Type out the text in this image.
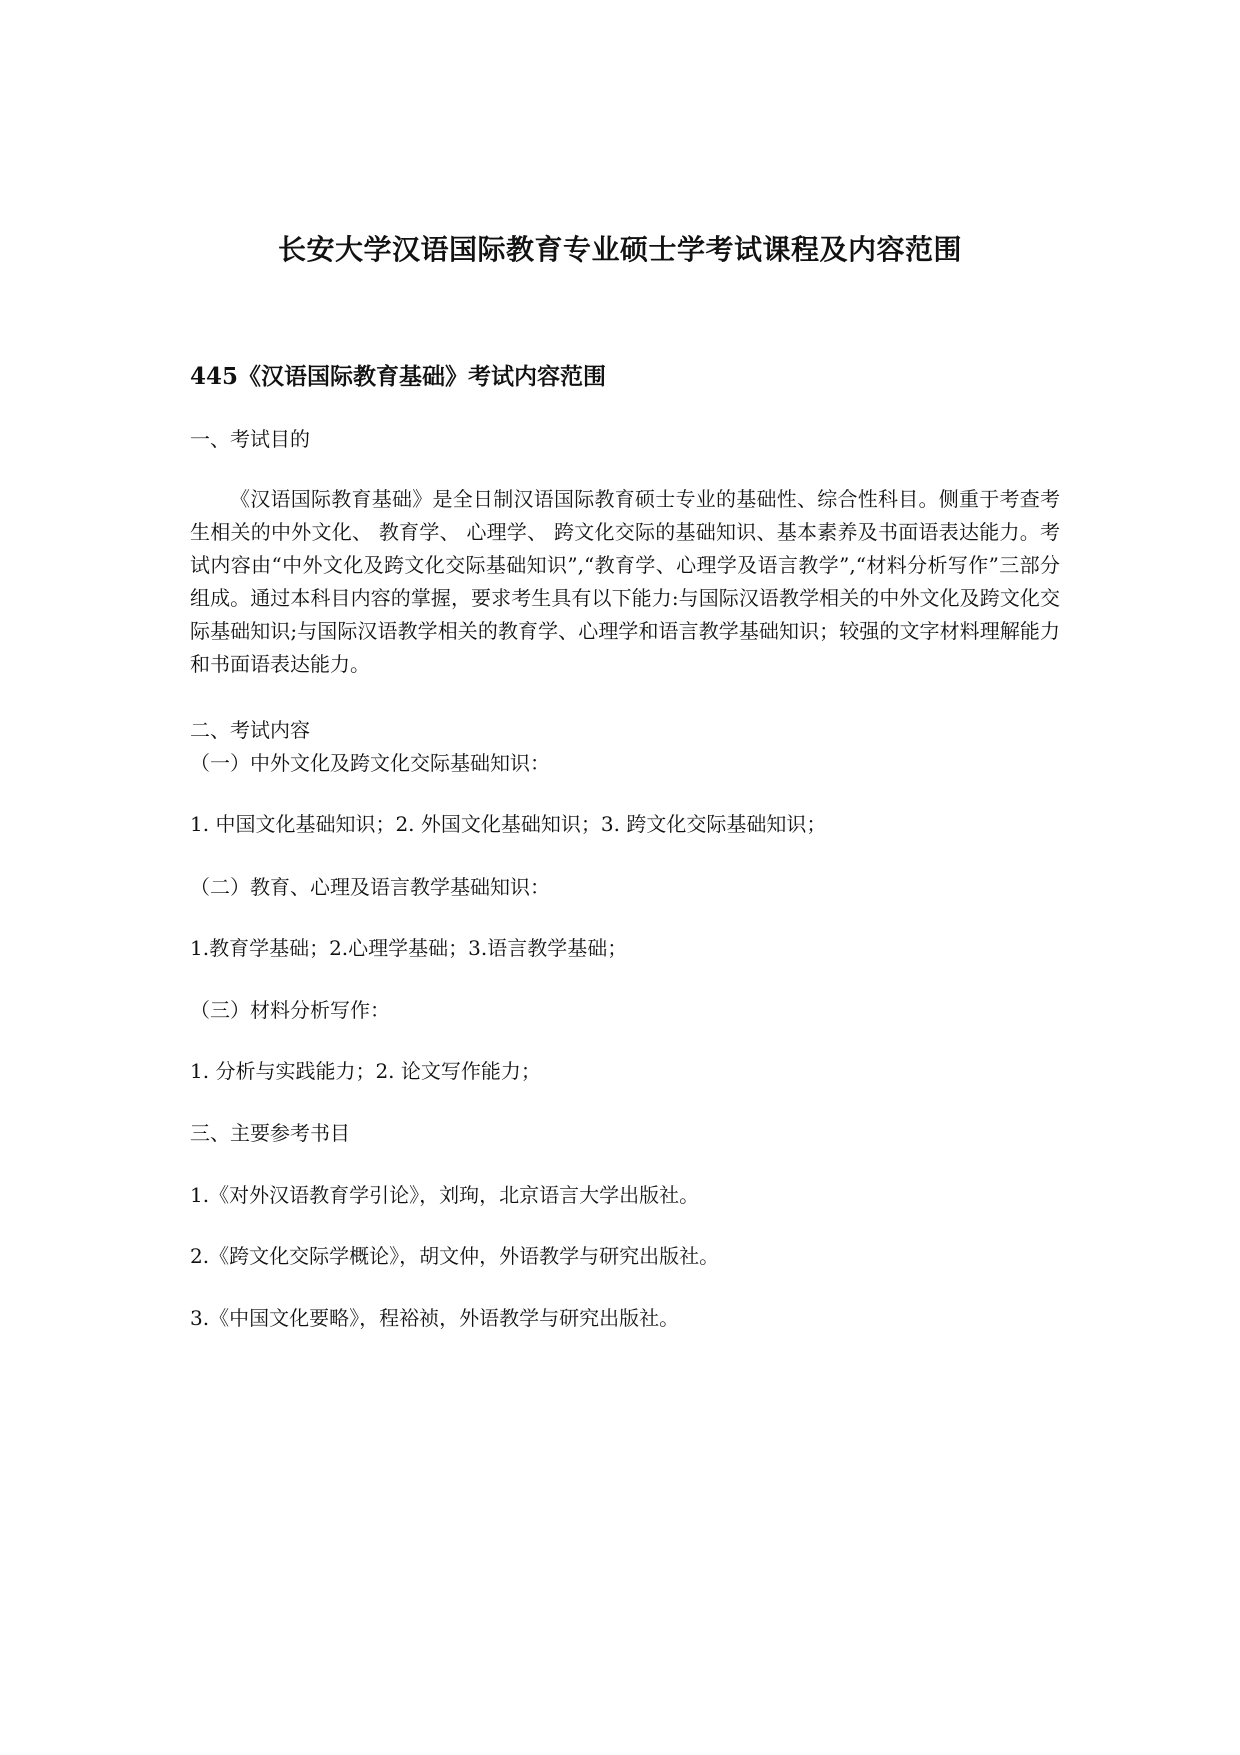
长安大学汉语国际教育专业硕士学考试课程及内容范围
445《汉语国际教育基础》考试内容范围

一、考试目的

《汉语国际教育基础》是全日制汉语国际教育硕士专业的基础性、综合性科目。侧重于考查考生相关的中外文化、 教育学、 心理学、 跨文化交际的基础知识、基本素养及书面语表达能力。考试内容由“中外文化及跨文化交际基础知识”,“教育学、心理学及语言教学”,“材料分析写作”三部分组成。通过本科目内容的掌握，要求考生具有以下能力:与国际汉语教学相关的中外文化及跨文化交际基础知识;与国际汉语教学相关的教育学、心理学和语言教学基础知识；较强的文字材料理解能力和书面语表达能力。

二、考试内容

（一）中外文化及跨文化交际基础知识：

1. 中国文化基础知识；2. 外国文化基础知识；3. 跨文化交际基础知识；

（二）教育、心理及语言教学基础知识：

1.教育学基础；2.心理学基础；3.语言教学基础；

（三）材料分析写作：

1. 分析与实践能力；2. 论文写作能力；

三、主要参考书目

1.《对外汉语教育学引论》，刘珣，北京语言大学出版社。

2.《跨文化交际学概论》，胡文仲，外语教学与研究出版社。

3.《中国文化要略》，程裕祯，外语教学与研究出版社。
